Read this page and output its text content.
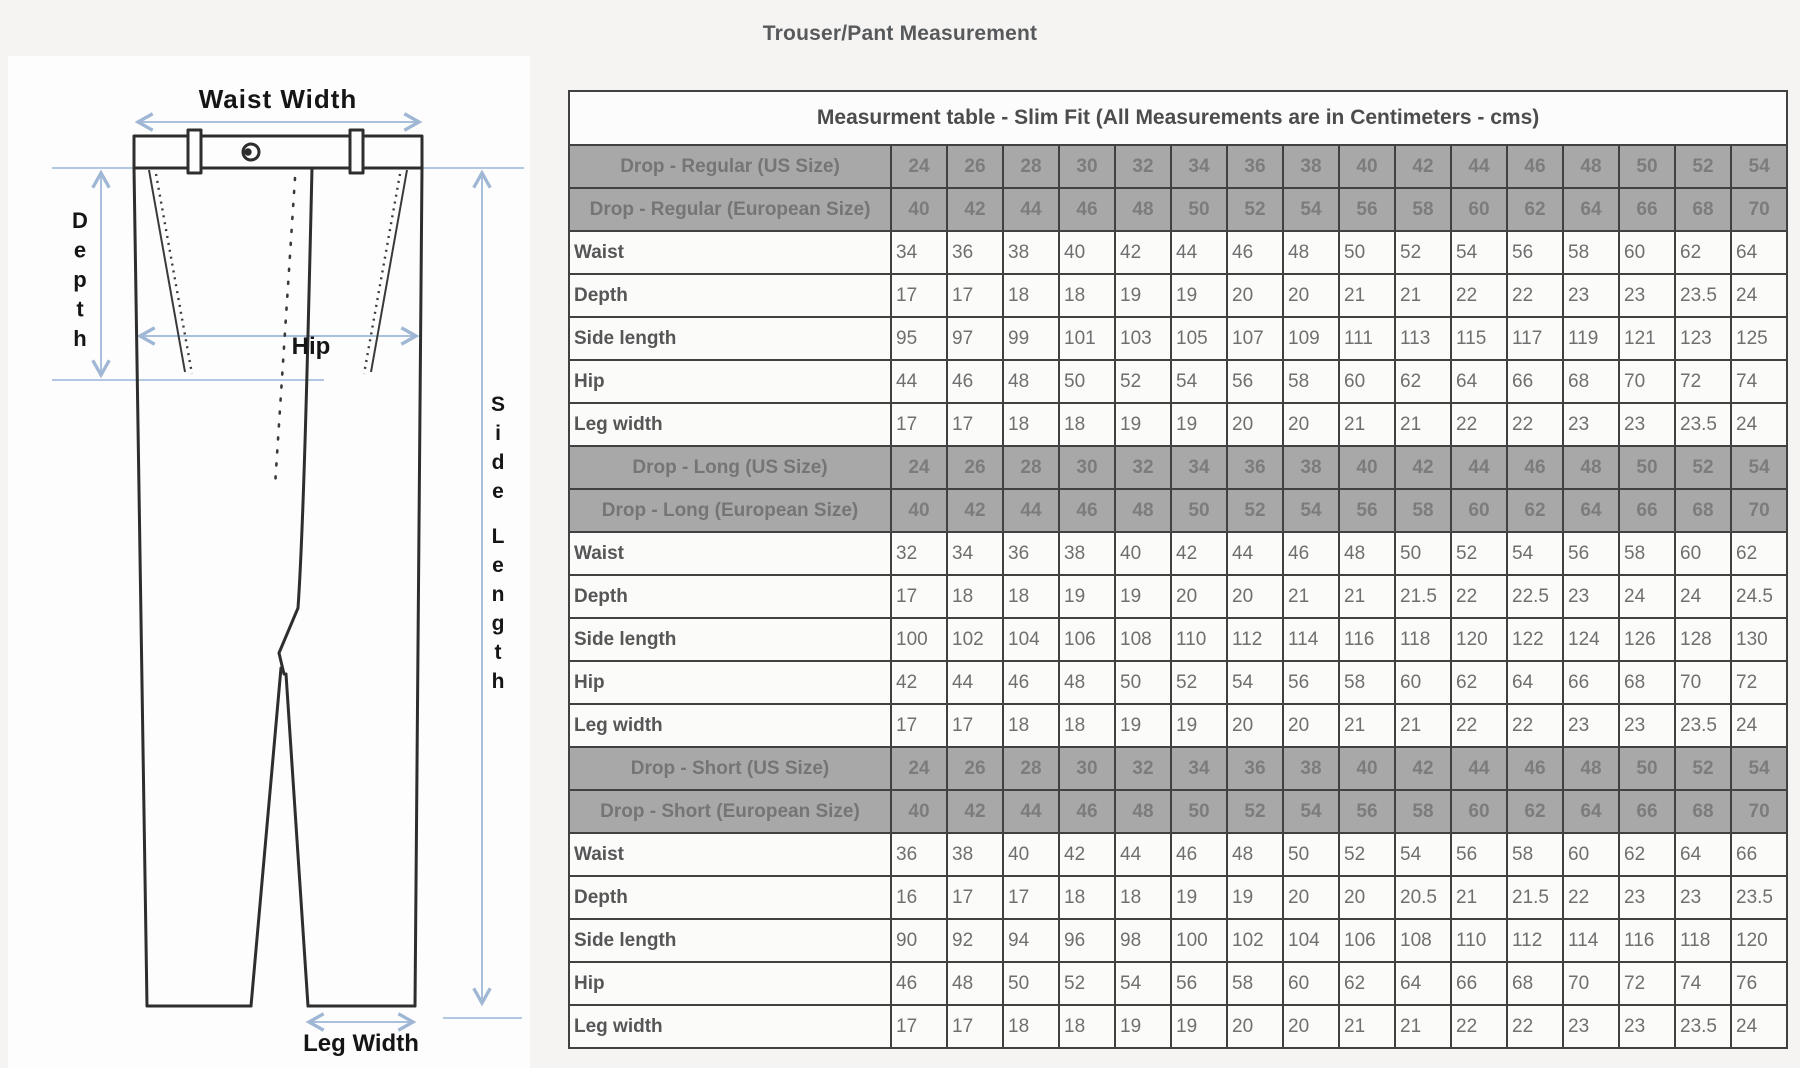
Trouser/Pant Measurement
Waist Width
D e p t h	Hip
S i d e
L e n g t h
Leg Width
Measurment table - Slim Fit (All Measurements are in Centimeters - cms)																
Drop - Regular (US Size)	24	26	28	30	32	34	36	38	40	42	44	46	48	50	52	54
Drop - Regular (European Size)	40	42	44	46	48	50	52	54	56	58	60	62	64	66	68	70
Waist	34	36	38	40	42	44	46	48	50	52	54	56	58	60	62	64
Depth	17	17	18	18	19	19	20	20	21	21	22	22	23	23	23.5	24
Side length	95	97	99	101	103	105	107	109	111	113	115	117	119	121	123	125
Hip	44	46	48	50	52	54	56	58	60	62	64	66	68	70	72	74
Leg width	17	17	18	18	19	19	20	20	21	21	22	22	23	23	23.5	24
Drop - Long (US Size)	24	26	28	30	32	34	36	38	40	42	44	46	48	50	52	54
Drop - Long (European Size)	40	42	44	46	48	50	52	54	56	58	60	62	64	66	68	70
Waist	32	34	36	38	40	42	44	46	48	50	52	54	56	58	60	62
Depth	17	18	18	19	19	20	20	21	21	21.5	22	22.5	23	24	24	24.5
Side length	100	102	104	106	108	110	112	114	116	118	120	122	124	126	128	130
Hip	42	44	46	48	50	52	54	56	58	60	62	64	66	68	70	72
Leg width	17	17	18	18	19	19	20	20	21	21	22	22	23	23	23.5	24
Drop - Short (US Size)	24	26	28	30	32	34	36	38	40	42	44	46	48	50	52	54
Drop - Short (European Size)	40	42	44	46	48	50	52	54	56	58	60	62	64	66	68	70
Waist	36	38	40	42	44	46	48	50	52	54	56	58	60	62	64	66
Depth	16	17	17	18	18	19	19	20	20	20.5	21	21.5	22	23	23	23.5
Side length	90	92	94	96	98	100	102	104	106	108	110	112	114	116	118	120
Hip	46	48	50	52	54	56	58	60	62	64	66	68	70	72	74	76
Leg width	17	17	18	18	19	19	20	20	21	21	22	22	23	23	23.5	24
